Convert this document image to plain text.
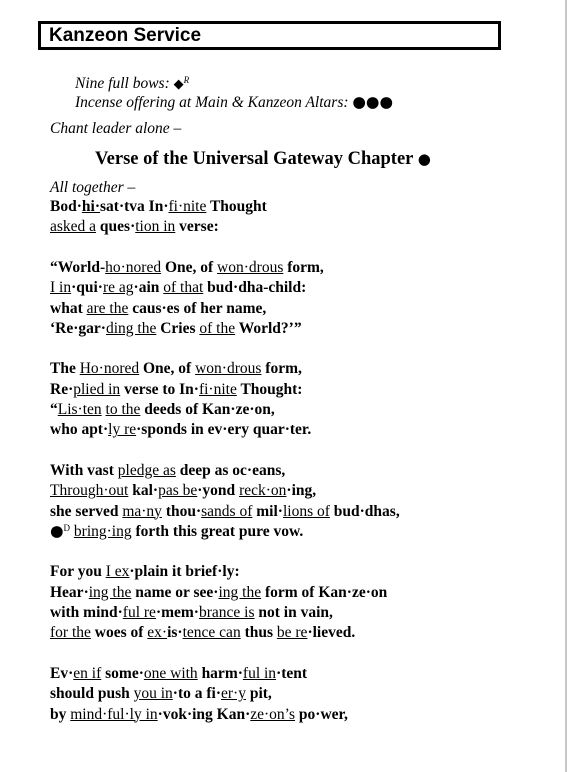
Kanzeon Service
Nine full bows: ◆$^R$
Incense offering at Main & Kanzeon Altars: ●●●
Chant leader alone –
Verse of the Universal Gateway Chapter ●
All together –
Bod·hi·sat·tva In·fi·nite Thought
asked a ques·tion in verse:
“World-ho·nored One, of won·drous form,
I in·qui·re ag·ain of that bud·dha-child:
what are the caus·es of her name,
‘Re·gar·ding the Cries of the World?’”
The Ho·nored One, of won·drous form,
Re·plied in verse to In·fi·nite Thought:
“Lis·ten to the deeds of Kan·ze·on,
who apt·ly re·sponds in ev·ery quar·ter.
With vast pledge as deep as oc·eans,
Through·out kal·pas be·yond reck·on·ing,
she served ma·ny thou·sands of mil·lions of bud·dhas,
●$^D$ bring·ing forth this great pure vow.
For you I ex·plain it brief·ly:
Hear·ing the name or see·ing the form of Kan·ze·on
with mind·ful re·mem·brance is not in vain,
for the woes of ex·is·tence can thus be re·lieved.
Ev·en if some·one with harm·ful in·tent
should push you in·to a fi·er·y pit,
by mind·ful·ly in·vok·ing Kan·ze·on’s po·wer,
